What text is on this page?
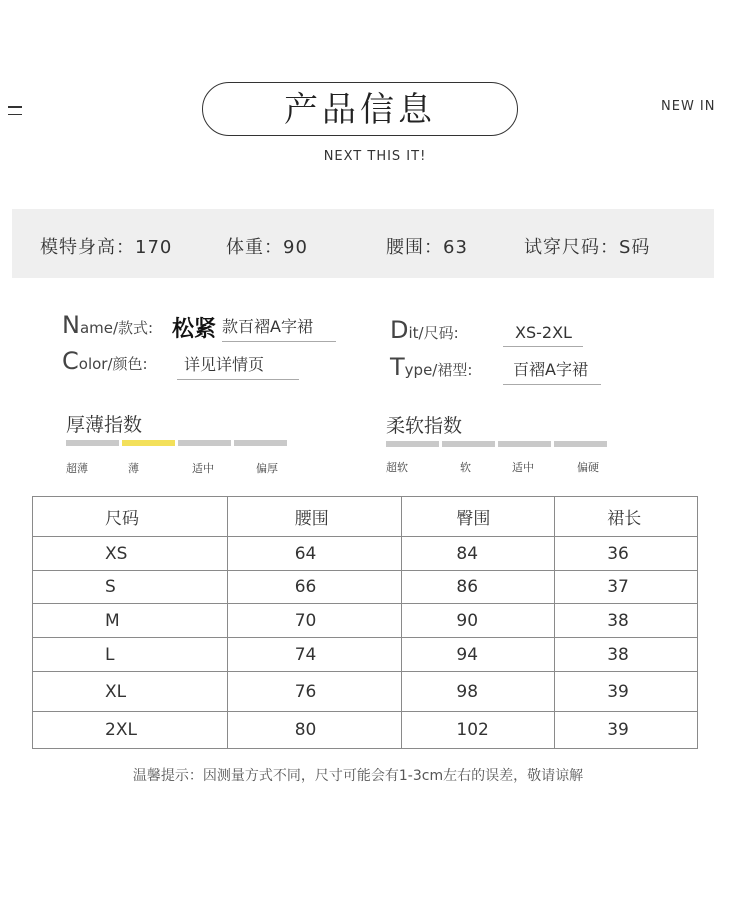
产品信息
NEXT THIS IT!
NEW IN
模特身高：170	体重：90	腰围：63	试穿尺码：S码
Name/款式: 松紧 款百褶A字裙
Color/颜色:	详见详情页
Dit/尺码:	XS-2XL
Type/裙型:	百褶A字裙
厚薄指数
超薄	薄	适中	偏厚
柔软指数
超软	软	适中	偏硬
尺码	腰围	臀围	裙长
XS	64	84	36
S	66	86	37
M	70	90	38
L	74	94	38
XL	76	98	39
2XL	80	102	39
温馨提示：因测量方式不同，尺寸可能会有1-3cm左右的误差，敬请谅解
